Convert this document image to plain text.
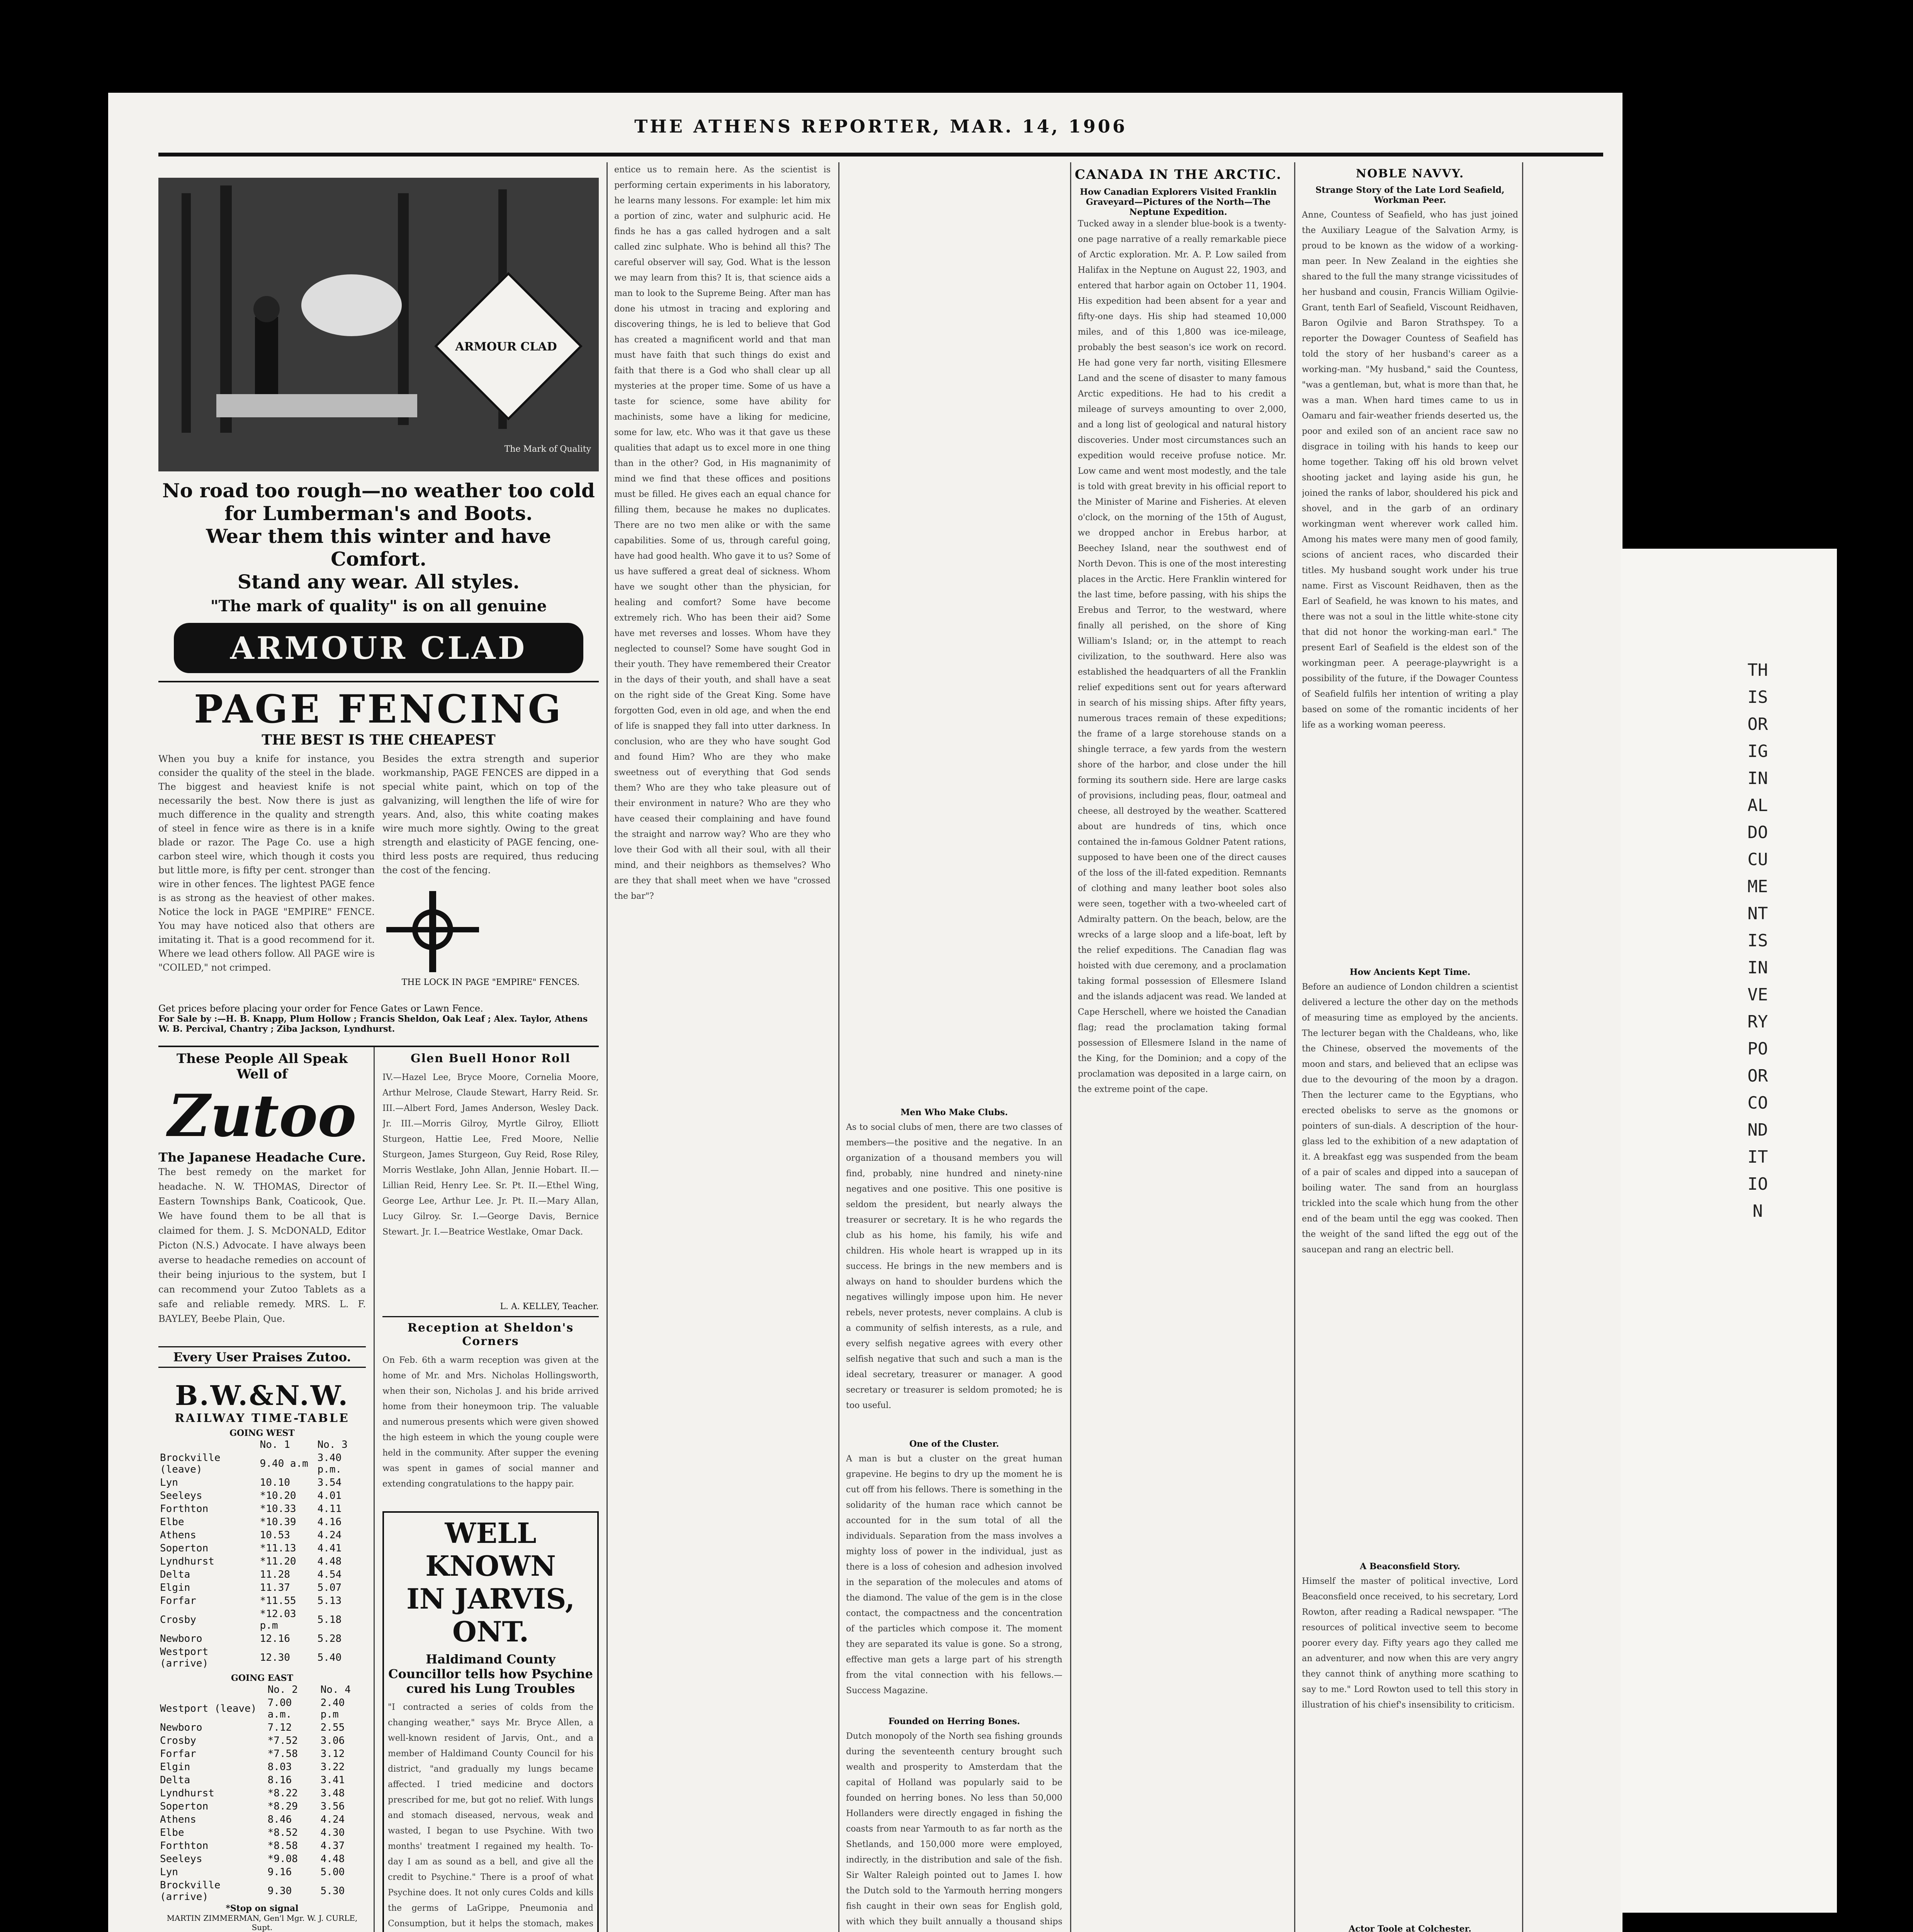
THIS ORIGINAL DOCUMENT IS IN VERY POOR CONDITION
THE ATHENS REPORTER, MAR. 14, 1906
ARMOUR CLAD
The Mark of Quality
No road too rough—no weather too cold
for Lumberman's and Boots.
Wear them this winter and have Comfort.
Stand any wear. All styles.
"The mark of quality" is on all genuine
ARMOUR CLAD
PAGE FENCING
THE BEST IS THE CHEAPEST
When you buy a knife for instance, you consider the quality of the steel in the blade. The biggest and heaviest knife is not necessarily the best. Now there is just as much difference in the quality and strength of steel in fence wire as there is in a knife blade or razor. The Page Co. use a high carbon steel wire, which though it costs you but little more, is fifty per cent. stronger than wire in other fences. The lightest PAGE fence is as strong as the heaviest of other makes. Notice the lock in PAGE "EMPIRE" FENCE. You may have noticed also that others are imitating it. That is a good recommend for it. Where we lead others follow. All PAGE wire is "COILED," not crimped.
Besides the extra strength and superior workmanship, PAGE FENCES are dipped in a special white paint, which on top of the galvanizing, will lengthen the life of wire for years. And, also, this white coating makes wire much more sightly. Owing to the great strength and elasticity of PAGE fencing, one-third less posts are required, thus reducing the cost of the fencing.
THE LOCK IN PAGE "EMPIRE" FENCES.
Get prices before placing your order for Fence Gates or Lawn Fence.
For Sale by :—H. B. Knapp, Plum Hollow ; Francis Sheldon, Oak Leaf ; Alex. Taylor, Athens W. B. Percival, Chantry ; Ziba Jackson, Lyndhurst.
These People All Speak Well of
Zutoo
The Japanese Headache Cure.
The best remedy on the market for headache. N. W. THOMAS, Director of Eastern Townships Bank, Coaticook, Que. We have found them to be all that is claimed for them. J. S. McDONALD, Editor Picton (N.S.) Advocate. I have always been averse to headache remedies on account of their being injurious to the system, but I can recommend your Zutoo Tablets as a safe and reliable remedy. MRS. L. F. BAYLEY, Beebe Plain, Que.
Every User Praises Zutoo.
B.W.&N.W.
RAILWAY TIME-TABLE
GOING WEST
	No. 1	No. 3
Brockville (leave)	9.40 a.m	3.40 p.m.
Lyn	10.10	3.54
Seeleys	*10.20	4.01
Forthton	*10.33	4.11
Elbe	*10.39	4.16
Athens	10.53	4.24
Soperton	*11.13	4.41
Lyndhurst	*11.20	4.48
Delta	11.28	4.54
Elgin	11.37	5.07
Forfar	*11.55	5.13
Crosby	*12.03 p.m	5.18
Newboro	12.16	5.28
Westport (arrive)	12.30	5.40
GOING EAST
	No. 2	No. 4
Westport (leave)	7.00 a.m.	2.40 p.m
Newboro	7.12	2.55
Crosby	*7.52	3.06
Forfar	*7.58	3.12
Elgin	8.03	3.22
Delta	8.16	3.41
Lyndhurst	*8.22	3.48
Soperton	*8.29	3.56
Athens	8.46	4.24
Elbe	*8.52	4.30
Forthton	*8.58	4.37
Seeleys	*9.08	4.48
Lyn	9.16	5.00
Brockville (arrive)	9.30	5.30
*Stop on signal
MARTIN ZIMMERMAN, Gen'l Mgr. W. J. CURLE, Supt.
Glen Buell Honor Roll
IV.—Hazel Lee, Bryce Moore, Cornelia Moore, Arthur Melrose, Claude Stewart, Harry Reid. Sr. III.—Albert Ford, James Anderson, Wesley Dack. Jr. III.—Morris Gilroy, Myrtle Gilroy, Elliott Sturgeon, Hattie Lee, Fred Moore, Nellie Sturgeon, James Sturgeon, Guy Reid, Rose Riley, Morris Westlake, John Allan, Jennie Hobart. II.—Lillian Reid, Henry Lee. Sr. Pt. II.—Ethel Wing, George Lee, Arthur Lee. Jr. Pt. II.—Mary Allan, Lucy Gilroy. Sr. I.—George Davis, Bernice Stewart. Jr. I.—Beatrice Westlake, Omar Dack.
L. A. KELLEY, Teacher.
Reception at Sheldon's Corners
On Feb. 6th a warm reception was given at the home of Mr. and Mrs. Nicholas Hollingsworth, when their son, Nicholas J. and his bride arrived home from their honeymoon trip. The valuable and numerous presents which were given showed the high esteem in which the young couple were held in the community. After supper the evening was spent in games of social manner and extending congratulations to the happy pair.
WELL KNOWN
IN JARVIS, ONT.
Haldimand County Councillor tells how Psychine cured his Lung Troubles
"I contracted a series of colds from the changing weather," says Mr. Bryce Allen, a well-known resident of Jarvis, Ont., and a member of Haldimand County Council for his district, "and gradually my lungs became affected. I tried medicine and doctors prescribed for me, but got no relief. With lungs and stomach diseased, nervous, weak and wasted, I began to use Psychine. With two months' treatment I regained my health. To-day I am as sound as a bell, and give all the credit to Psychine." There is a proof of what Psychine does. It not only cures Colds and kills the germs of LaGrippe, Pneumonia and Consumption, but it helps the stomach, makes
entice us to remain here. As the scientist is performing certain experiments in his laboratory, he learns many lessons. For example: let him mix a portion of zinc, water and sulphuric acid. He finds he has a gas called hydrogen and a salt called zinc sulphate. Who is behind all this? The careful observer will say, God. What is the lesson we may learn from this? It is, that science aids a man to look to the Supreme Being. After man has done his utmost in tracing and exploring and discovering things, he is led to believe that God has created a magnificent world and that man must have faith that such things do exist and faith that there is a God who shall clear up all mysteries at the proper time. Some of us have a taste for science, some have ability for machinists, some have a liking for medicine, some for law, etc. Who was it that gave us these qualities that adapt us to excel more in one thing than in the other? God, in His magnanimity of mind we find that these offices and positions must be filled. He gives each an equal chance for filling them, because he makes no duplicates. There are no two men alike or with the same capabilities. Some of us, through careful going, have had good health. Who gave it to us? Some of us have suffered a great deal of sickness. Whom have we sought other than the physician, for healing and comfort? Some have become extremely rich. Who has been their aid? Some have met reverses and losses. Whom have they neglected to counsel? Some have sought God in their youth. They have remembered their Creator in the days of their youth, and shall have a seat on the right side of the Great King. Some have forgotten God, even in old age, and when the end of life is snapped they fall into utter darkness. In conclusion, who are they who have sought God and found Him? Who are they who make sweetness out of everything that God sends them? Who are they who take pleasure out of their environment in nature? Who are they who have ceased their complaining and have found the straight and narrow way? Who are they who love their God with all their soul, with all their mind, and their neighbors as themselves? Who are they that shall meet when we have "crossed the bar"?
Men Who Make Clubs.
As to social clubs of men, there are two classes of members—the positive and the negative. In an organization of a thousand members you will find, probably, nine hundred and ninety-nine negatives and one positive. This one positive is seldom the president, but nearly always the treasurer or secretary. It is he who regards the club as his home, his family, his wife and children. His whole heart is wrapped up in its success. He brings in the new members and is always on hand to shoulder burdens which the negatives willingly impose upon him. He never rebels, never protests, never complains. A club is a community of selfish interests, as a rule, and every selfish negative agrees with every other selfish negative that such and such a man is the ideal secretary, treasurer or manager. A good secretary or treasurer is seldom promoted; he is too useful.
One of the Cluster.
A man is but a cluster on the great human grapevine. He begins to dry up the moment he is cut off from his fellows. There is something in the solidarity of the human race which cannot be accounted for in the sum total of all the individuals. Separation from the mass involves a mighty loss of power in the individual, just as there is a loss of cohesion and adhesion involved in the separation of the molecules and atoms of the diamond. The value of the gem is in the close contact, the compactness and the concentration of the particles which compose it. The moment they are separated its value is gone. So a strong, effective man gets a large part of his strength from the vital connection with his fellows.—Success Magazine.
Founded on Herring Bones.
Dutch monopoly of the North sea fishing grounds during the seventeenth century brought such wealth and prosperity to Amsterdam that the capital of Holland was popularly said to be founded on herring bones. No less than 50,000 Hollanders were directly engaged in fishing the coasts from near Yarmouth to as far north as the Shetlands, and 150,000 more were employed, indirectly, in the distribution and sale of the fish. Sir Walter Raleigh pointed out to James I. how the Dutch sold to the Yarmouth herring mongers fish caught in their own seas for English gold, with which they built annually a thousand ships
CANADA IN THE ARCTIC.
How Canadian Explorers Visited Franklin Graveyard—Pictures of the North—The Neptune Expedition.
Tucked away in a slender blue-book is a twenty-one page narrative of a really remarkable piece of Arctic exploration. Mr. A. P. Low sailed from Halifax in the Neptune on August 22, 1903, and entered that harbor again on October 11, 1904. His expedition had been absent for a year and fifty-one days. His ship had steamed 10,000 miles, and of this 1,800 was ice-mileage, probably the best season's ice work on record. He had gone very far north, visiting Ellesmere Land and the scene of disaster to many famous Arctic expeditions. He had to his credit a mileage of surveys amounting to over 2,000, and a long list of geological and natural history discoveries. Under most circumstances such an expedition would receive profuse notice. Mr. Low came and went most modestly, and the tale is told with great brevity in his official report to the Minister of Marine and Fisheries. At eleven o'clock, on the morning of the 15th of August, we dropped anchor in Erebus harbor, at Beechey Island, near the southwest end of North Devon. This is one of the most interesting places in the Arctic. Here Franklin wintered for the last time, before passing, with his ships the Erebus and Terror, to the westward, where finally all perished, on the shore of King William's Island; or, in the attempt to reach civilization, to the southward. Here also was established the headquarters of all the Franklin relief expeditions sent out for years afterward in search of his missing ships. After fifty years, numerous traces remain of these expeditions; the frame of a large storehouse stands on a shingle terrace, a few yards from the western shore of the harbor, and close under the hill forming its southern side. Here are large casks of provisions, including peas, flour, oatmeal and cheese, all destroyed by the weather. Scattered about are hundreds of tins, which once contained the in-famous Goldner Patent rations, supposed to have been one of the direct causes of the loss of the ill-fated expedition. Remnants of clothing and many leather boot soles also were seen, together with a two-wheeled cart of Admiralty pattern. On the beach, below, are the wrecks of a large sloop and a life-boat, left by the relief expeditions. The Canadian flag was hoisted with due ceremony, and a proclamation taking formal possession of Ellesmere Island and the islands adjacent was read. We landed at Cape Herschell, where we hoisted the Canadian flag; read the proclamation taking formal possession of Ellesmere Island in the name of the King, for the Dominion; and a copy of the proclamation was deposited in a large cairn, on the extreme point of the cape.
NOBLE NAVVY.
Strange Story of the Late Lord Seafield, Workman Peer.
Anne, Countess of Seafield, who has just joined the Auxiliary League of the Salvation Army, is proud to be known as the widow of a working-man peer. In New Zealand in the eighties she shared to the full the many strange vicissitudes of her husband and cousin, Francis William Ogilvie-Grant, tenth Earl of Seafield, Viscount Reidhaven, Baron Ogilvie and Baron Strathspey. To a reporter the Dowager Countess of Seafield has told the story of her husband's career as a working-man. "My husband," said the Countess, "was a gentleman, but, what is more than that, he was a man. When hard times came to us in Oamaru and fair-weather friends deserted us, the poor and exiled son of an ancient race saw no disgrace in toiling with his hands to keep our home together. Taking off his old brown velvet shooting jacket and laying aside his gun, he joined the ranks of labor, shouldered his pick and shovel, and in the garb of an ordinary workingman went wherever work called him. Among his mates were many men of good family, scions of ancient races, who discarded their titles. My husband sought work under his true name. First as Viscount Reidhaven, then as the Earl of Seafield, he was known to his mates, and there was not a soul in the little white-stone city that did not honor the working-man earl." The present Earl of Seafield is the eldest son of the workingman peer. A peerage-playwright is a possibility of the future, if the Dowager Countess of Seafield fulfils her intention of writing a play based on some of the romantic incidents of her life as a working woman peeress.
How Ancients Kept Time.
Before an audience of London children a scientist delivered a lecture the other day on the methods of measuring time as employed by the ancients. The lecturer began with the Chaldeans, who, like the Chinese, observed the movements of the moon and stars, and believed that an eclipse was due to the devouring of the moon by a dragon. Then the lecturer came to the Egyptians, who erected obelisks to serve as the gnomons or pointers of sun-dials. A description of the hour-glass led to the exhibition of a new adaptation of it. A breakfast egg was suspended from the beam of a pair of scales and dipped into a saucepan of boiling water. The sand from an hourglass trickled into the scale which hung from the other end of the beam until the egg was cooked. Then the weight of the sand lifted the egg out of the saucepan and rang an electric bell.
A Beaconsfield Story.
Himself the master of political invective, Lord Beaconsfield once received, to his secretary, Lord Rowton, after reading a Radical newspaper. "The resources of political invective seem to become poorer every day. Fifty years ago they called me an adventurer, and now when this are very angry they cannot think of anything more scathing to say to me." Lord Rowton used to tell this story in illustration of his chief's insensibility to criticism.
Actor Toole at Colchester.
